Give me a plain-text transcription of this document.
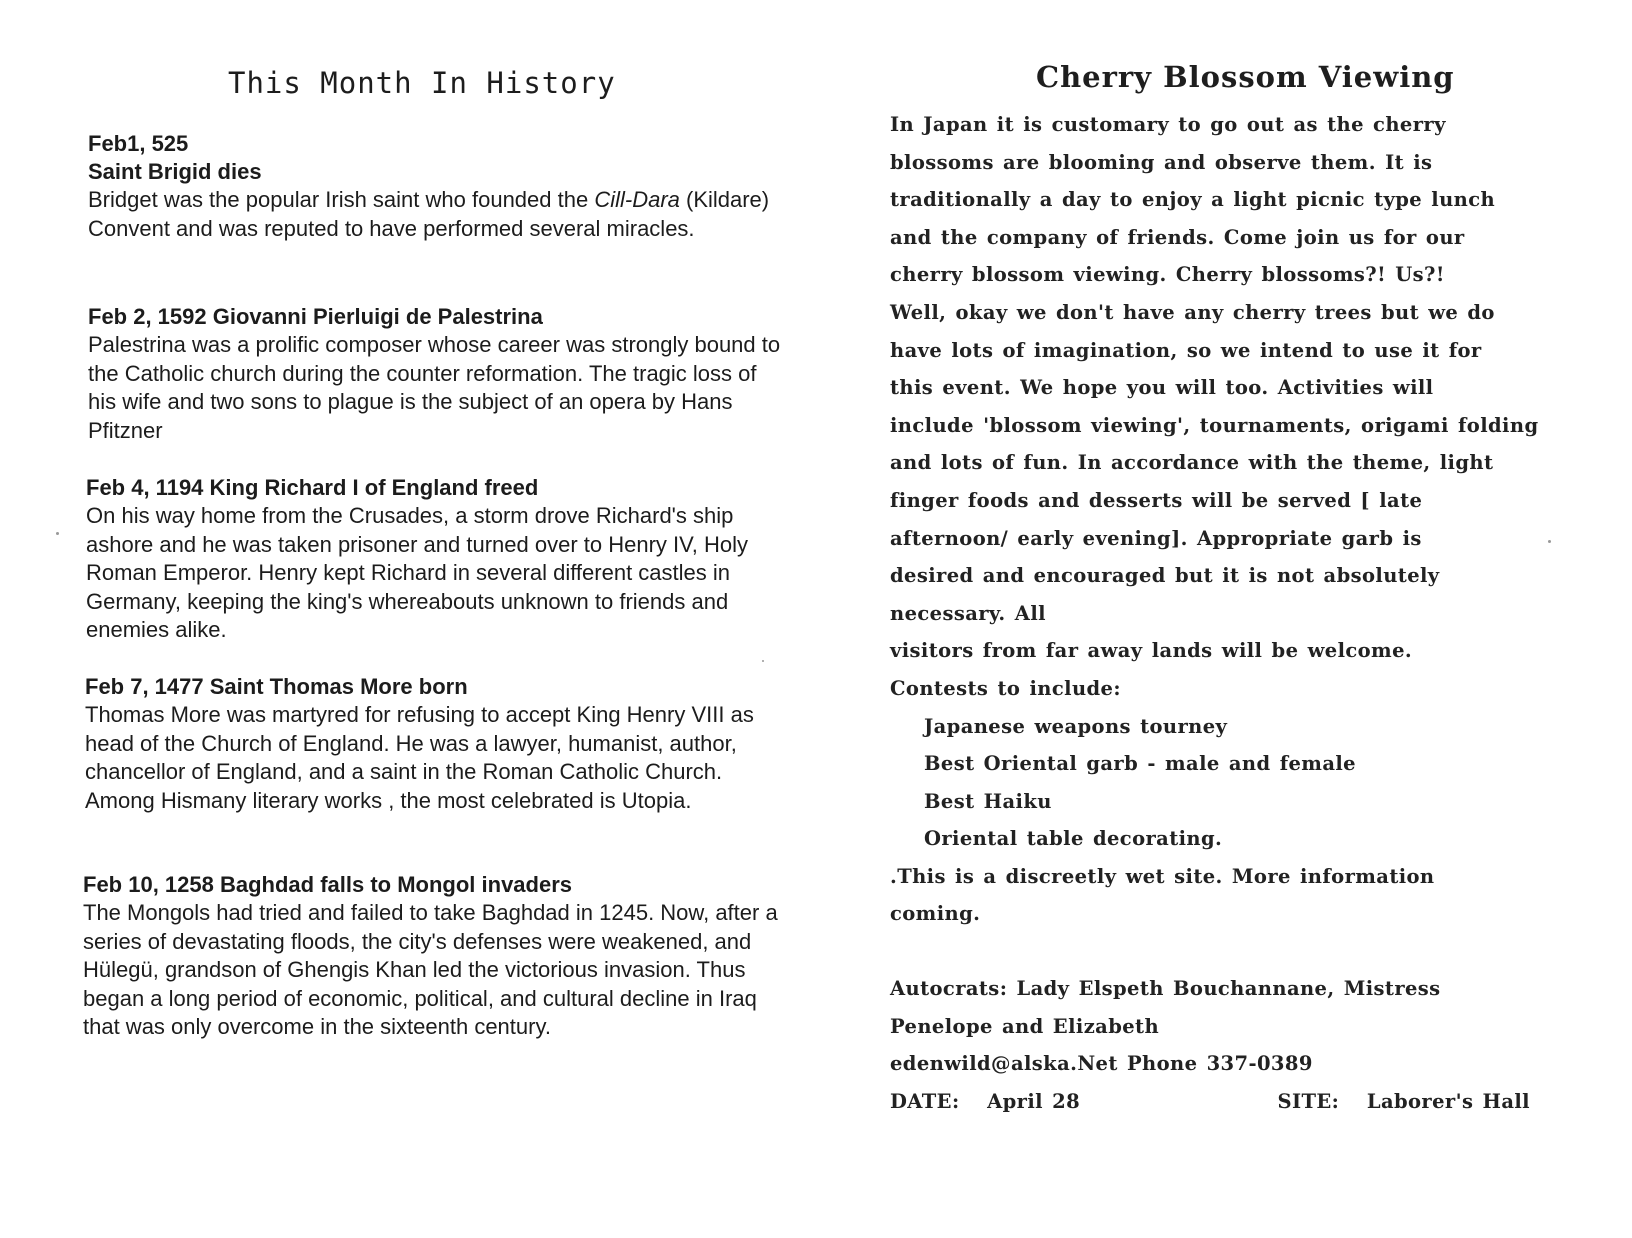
This Month In History
Feb1, 525
Saint Brigid dies
Bridget was the popular Irish saint who founded the Cill-Dara (Kildare) Convent and was reputed to have performed several miracles.
Feb 2, 1592 Giovanni Pierluigi de Palestrina
Palestrina was a prolific composer whose career was strongly bound to the Catholic church during the counter reformation. The tragic loss of his wife and two sons to plague is the subject of an opera by Hans Pfitzner
Feb 4, 1194 King Richard I of England freed
On his way home from the Crusades, a storm drove Richard's ship ashore and he was taken prisoner and turned over to Henry IV, Holy Roman Emperor. Henry kept Richard in several different castles in Germany, keeping the king's whereabouts unknown to friends and enemies alike.
Feb 7, 1477 Saint Thomas More born
Thomas More was martyred for refusing to accept King Henry VIII as head of the Church of England. He was a lawyer, humanist, author, chancellor of England, and a saint in the Roman Catholic Church. Among Hismany literary works , the most celebrated is Utopia.
Feb 10, 1258 Baghdad falls to Mongol invaders
The Mongols had tried and failed to take Baghdad in 1245. Now, after a series of devastating floods, the city's defenses were weakened, and Hülegü, grandson of Ghengis Khan led the victorious invasion. Thus began a long period of economic, political, and cultural decline in Iraq that was only overcome in the sixteenth century.
Cherry Blossom Viewing
In Japan it is customary to go out as the cherry
blossoms are blooming and observe them. It is
traditionally a day to enjoy a light picnic type lunch
and the company of friends. Come join us for our
cherry blossom viewing. Cherry blossoms?! Us?!
Well, okay we don't have any cherry trees but we do
have lots of imagination, so we intend to use it for
this event. We hope you will too. Activities will
include 'blossom viewing', tournaments, origami folding
and lots of fun. In accordance with the theme, light
finger foods and desserts will be served [ late
afternoon/ early evening]. Appropriate garb is
desired and encouraged but it is not absolutely
necessary. All
visitors from far away lands will be welcome.
Contests to include:
Japanese weapons tourney
Best Oriental garb - male and female
Best Haiku
Oriental table decorating.
.This is a discreetly wet site. More information
coming.
Autocrats: Lady Elspeth Bouchannane, Mistress
Penelope and Elizabeth
edenwild@alska.Net Phone 337-0389
DATE:   April 28	SITE:   Laborer's Hall
